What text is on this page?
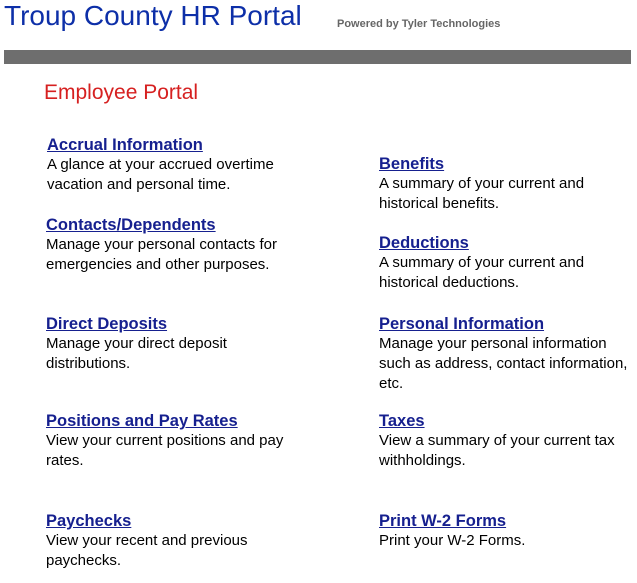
Troup County HR Portal	Powered by Tyler Technologies
Employee Portal
Accrual Information
A glance at your accrued overtime vacation and personal time.
Contacts/Dependents
Manage your personal contacts for emergencies and other purposes.
Direct Deposits
Manage your direct deposit distributions.
Positions and Pay Rates
View your current positions and pay rates.
Paychecks
View your recent and previous paychecks.
Benefits
A summary of your current and historical benefits.
Deductions
A summary of your current and historical deductions.
Personal Information
Manage your personal information such as address, contact information, etc.
Taxes
View a summary of your current tax withholdings.
Print W-2 Forms
Print your W-2 Forms.
